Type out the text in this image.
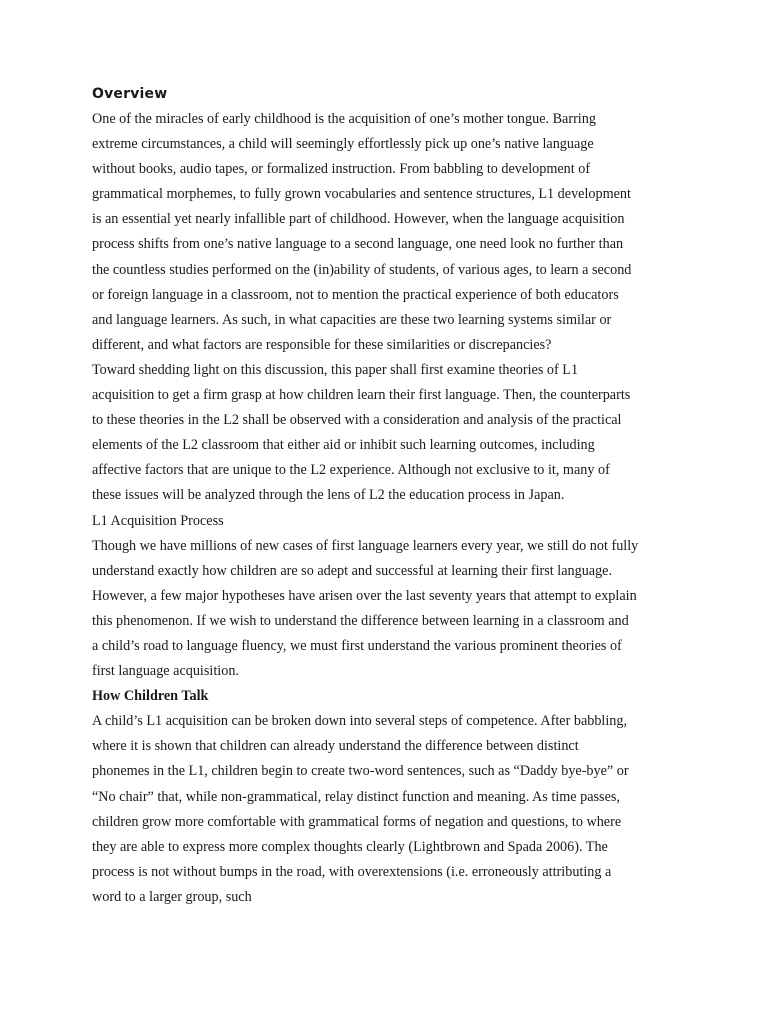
Overview
One of the miracles of early childhood is the acquisition of one’s mother tongue. Barring
extreme circumstances, a child will seemingly effortlessly pick up one’s native language
without books, audio tapes, or formalized instruction. From babbling to development of
grammatical morphemes, to fully grown vocabularies and sentence structures, L1 development
is an essential yet nearly infallible part of childhood. However, when the language acquisition
process shifts from one’s native language to a second language, one need look no further than
the countless studies performed on the (in)ability of students, of various ages, to learn a second
or foreign language in a classroom, not to mention the practical experience of both educators
and language learners. As such, in what capacities are these two learning systems similar or
different, and what factors are responsible for these similarities or discrepancies?
Toward shedding light on this discussion, this paper shall first examine theories of L1
acquisition to get a firm grasp at how children learn their first language. Then, the counterparts
to these theories in the L2 shall be observed with a consideration and analysis of the practical
elements of the L2 classroom that either aid or inhibit such learning outcomes, including
affective factors that are unique to the L2 experience. Although not exclusive to it, many of
these issues will be analyzed through the lens of L2 the education process in Japan.
L1 Acquisition Process
Though we have millions of new cases of first language learners every year, we still do not fully
understand exactly how children are so adept and successful at learning their first language.
However, a few major hypotheses have arisen over the last seventy years that attempt to explain
this phenomenon. If we wish to understand the difference between learning in a classroom and
a child’s road to language fluency, we must first understand the various prominent theories of
first language acquisition.
How Children Talk
A child’s L1 acquisition can be broken down into several steps of competence. After babbling,
where it is shown that children can already understand the difference between distinct
phonemes in the L1, children begin to create two-word sentences, such as “Daddy bye-bye” or
“No chair” that, while non-grammatical, relay distinct function and meaning. As time passes,
children grow more comfortable with grammatical forms of negation and questions, to where
they are able to express more complex thoughts clearly (Lightbrown and Spada 2006). The
process is not without bumps in the road, with overextensions (i.e. erroneously attributing a
word to a larger group, such
